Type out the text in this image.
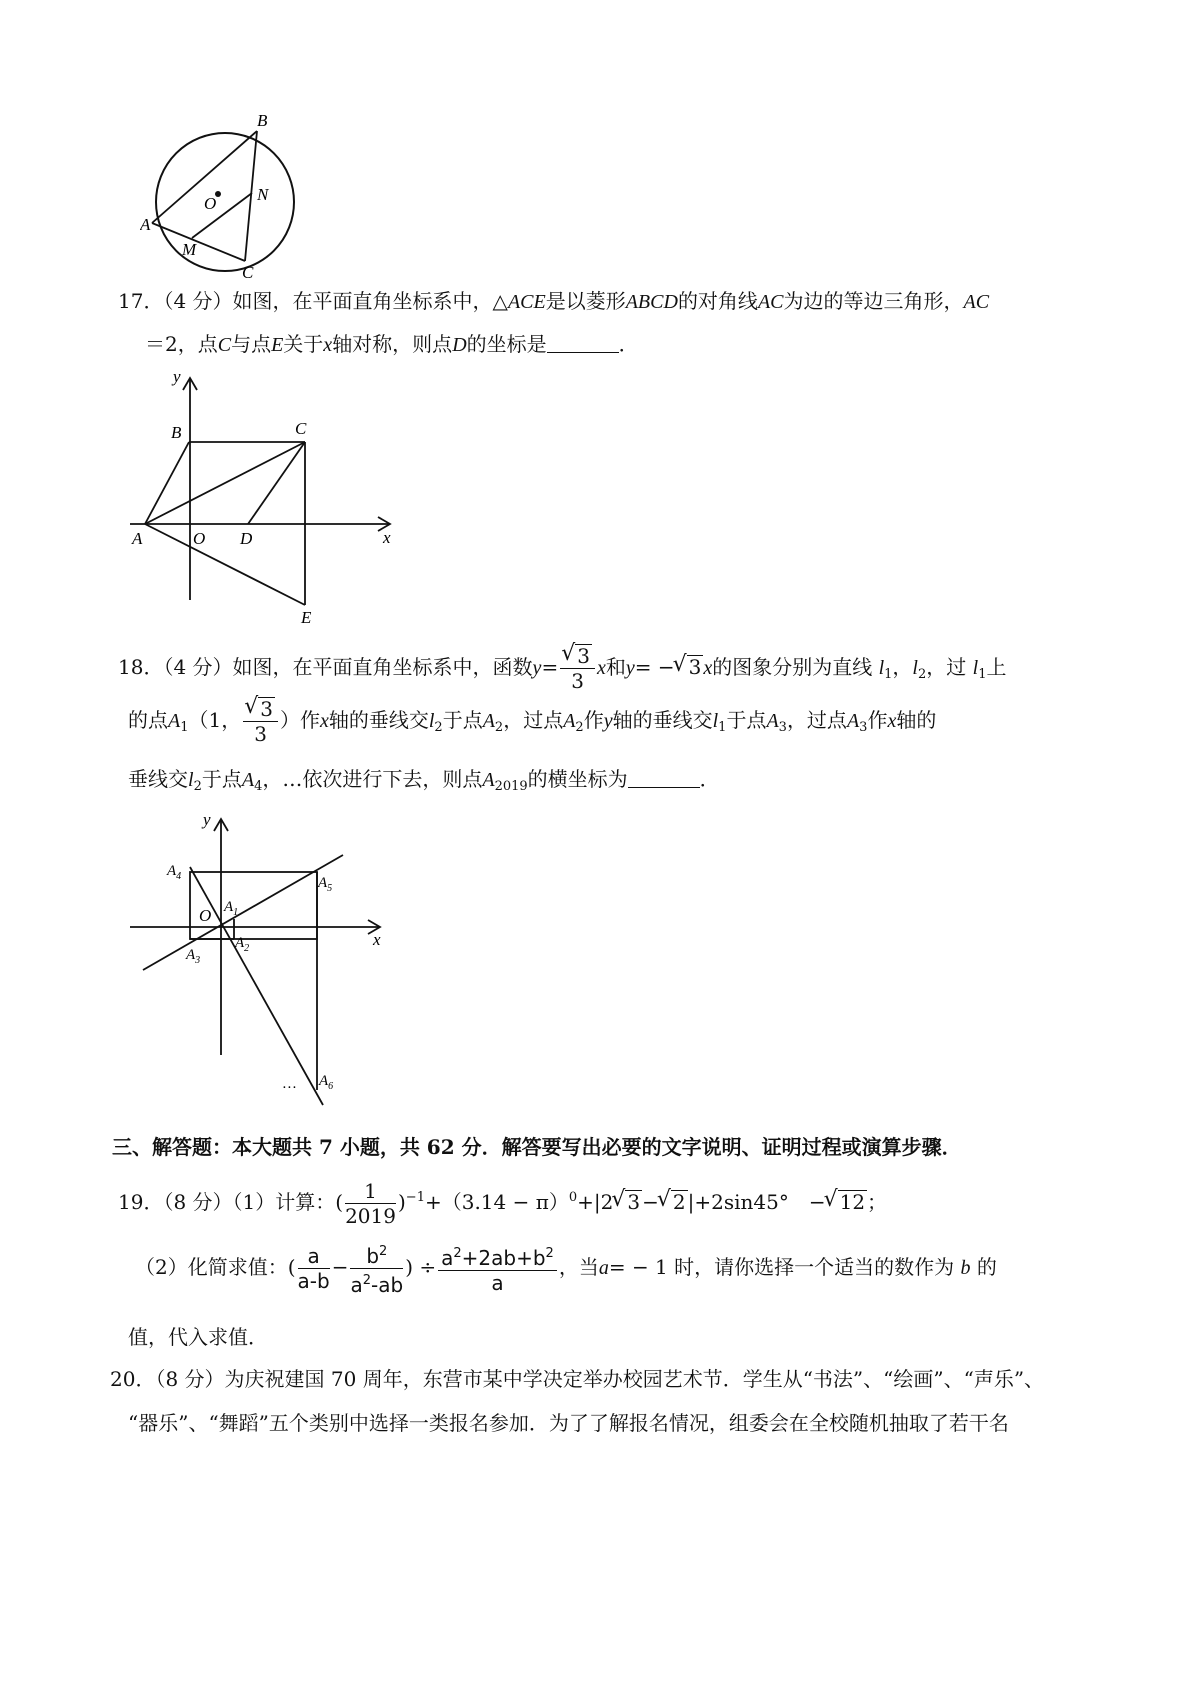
B
O N
A
M
C
17．（4 分）如图，在平面直角坐标系中，△ACE是以菱形ABCD的对角线AC为边的等边三角形，AC
＝2，点C与点E关于x轴对称，则点D的坐标是	．
y
B	C
A	O D	x
E
18．（4 分）如图，在平面直角坐标系中，函数y=
√ $\frac{3}{3}$ x和y= −√ 3 x的图象分别为直线 $l_1$，$l_2$，过 $l_1$上
的点$A_1(1$，
√ $\frac{3}{3}$ ）作x轴的垂线交$l_2$于点$A_2$，过点$A_2$作y轴的垂线交$l_1$于点$A_3$，过点$A_3$作x轴的
垂线交$l_2$于点$A_4$，…依次进行下去，则点$A_{2019}$的横坐标为	．
y
$A_4$	$A_5$
O $A_1$
x
$A_3$
$A_2$
… $A_6$
三、解答题：本大题共 7 小题，共 62 分．解答要写出必要的文字说明、证明过程或演算步骤．
19．（8 分）（1）计算：( $\frac{1}{2019} )^{-1}+(3.14 - \pi)^0+|2√$ 3 −√ 2 |+2sin45°　−√ 12 ；
（2）化简求值：( $\frac{a}{a-b} - \frac{b^2}{a^2-ab}$ ) ÷ $\frac{a^2+2ab+b^2}{a}$ ，当a= − 1 时，请你选择一个适当的数作为 b 的
值，代入求值．
20．（8 分）为庆祝建国 70 周年，东营市某中学决定举办校园艺术节．学生从“书法”、“绘画”、“声乐”、
“器乐”、“舞蹈”五个类别中选择一类报名参加．为了了解报名情况，组委会在全校随机抽取了若干名
